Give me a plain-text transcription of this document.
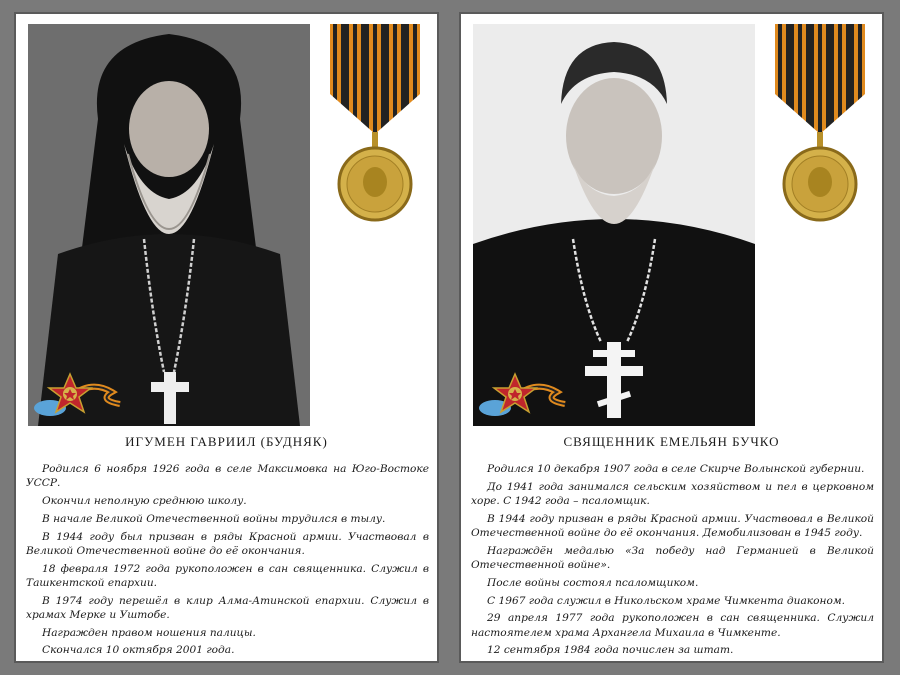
ИГУМЕН ГАВРИИЛ (БУДНЯК)

Родился 6 ноября 1926 года в селе Максимовка на Юго-Востоке УССР.

Окончил неполную среднюю школу.

В начале Великой Отечественной войны трудился в тылу.

В 1944 году был призван в ряды Красной армии. Участвовал в Великой Отечественной войне до её окончания.

18 февраля 1972 года рукоположен в сан священника. Служил в Ташкентской епархии.

В 1974 году перешёл в клир Алма-Атинской епархии. Служил в храмах Мерке и Уштобе.

Награжден правом ношения палицы.

Скончался 10 октября 2001 года.

СВЯЩЕННИК ЕМЕЛЬЯН БУЧКО

Родился 10 декабря 1907 года в селе Скирче Волынской губернии.

До 1941 года занимался сельским хозяйством и пел в церковном хоре. С 1942 года – псаломщик.

В 1944 году призван в ряды Красной армии. Участвовал в Великой Отечественной войне до её окончания. Демобилизован в 1945 году.

Награждён медалью «За победу над Германией в Великой Отечественной войне».

После войны состоял псаломщиком.

С 1967 года служил в Никольском храме Чимкента диаконом.

29 апреля 1977 года рукоположен в сан священника. Служил настоятелем храма Архангела Михаила в Чимкенте.

12 сентября 1984 года почислен за штат.
